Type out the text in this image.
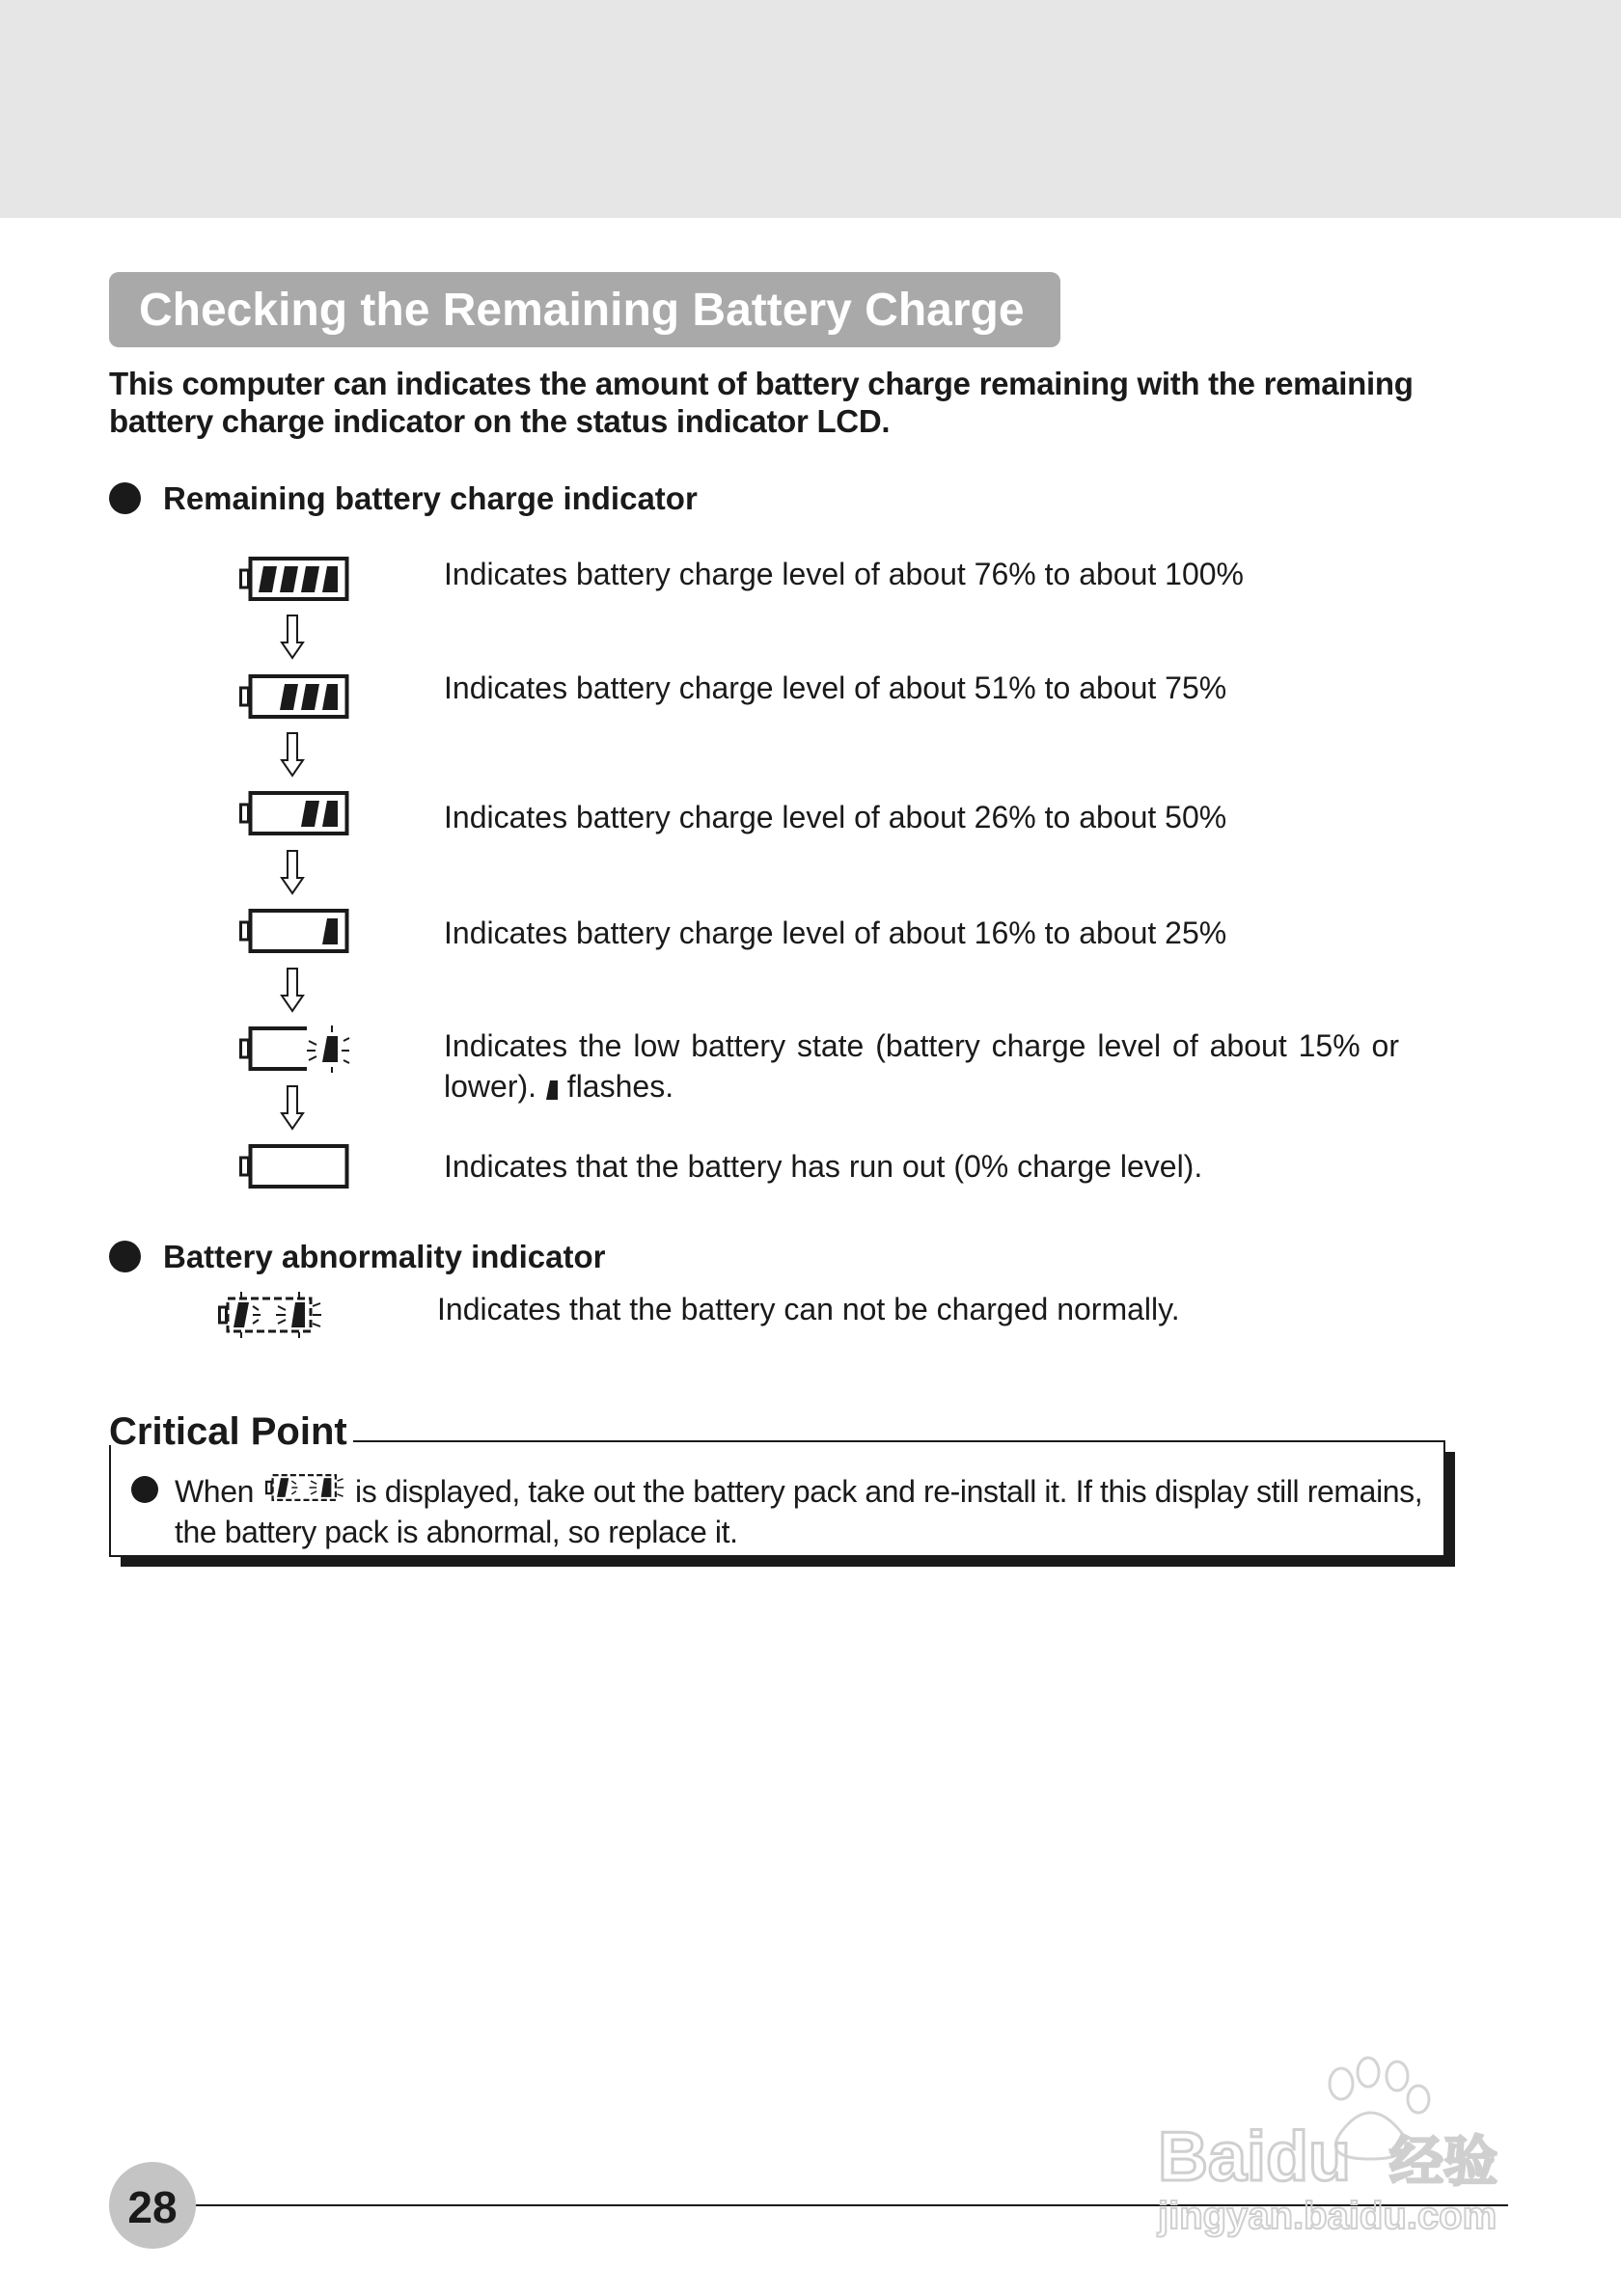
Checking the Remaining Battery Charge
This computer can indicates the amount of battery charge remaining with the remaining battery charge indicator on the status indicator LCD.
Remaining battery charge indicator
Indicates battery charge level of about 76% to about 100%
Indicates battery charge level of about 51% to about 75%
Indicates battery charge level of about 26% to about 50%
Indicates battery charge level of about 16% to about 25%
Indicates the low battery state (battery charge level of about 15% or lower). flashes.
Indicates that the battery has run out (0% charge level).
Battery abnormality indicator
Indicates that the battery can not be charged normally.
Critical Point
When	is displayed, take out the battery pack and re-install it. If this display still remains, the battery pack is abnormal, so replace it.
28
Baidu 经验
jingyan.baidu.com
